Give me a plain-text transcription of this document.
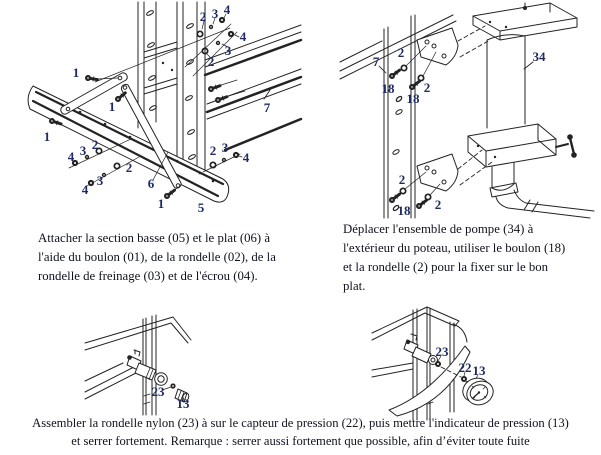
2 3 4
4
3
2
1
1	7
1
4 3 2
2
3
4
2 3
4
6
1	5
7
2
18 2
18
34
2
18 2
23
13
23
22 13
Attacher la section basse (05) et le plat (06) à
l'aide du boulon (01), de la rondelle (02), de la
rondelle de freinage (03) et de l'écrou (04).
Déplacer l'ensemble de pompe (34) à
l'extérieur du poteau, utiliser le boulon (18)
et la rondelle (2) pour la fixer sur le bon
plat.
Assembler la rondelle nylon (23) à sur le capteur de pression (22), puis mettre l'indicateur de pression (13)
et serrer fortement. Remarque : serrer aussi fortement que possible, afin d’éviter toute fuite
